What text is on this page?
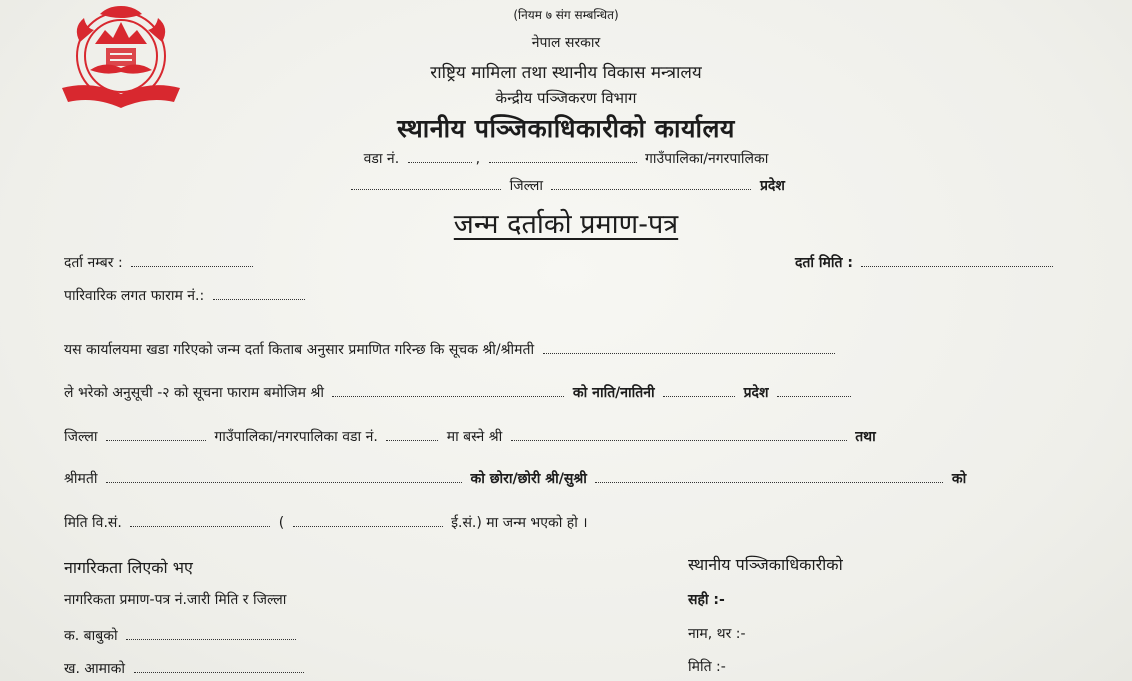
(नियम ७ संग सम्बन्धित)
नेपाल सरकार
राष्ट्रिय मामिला तथा स्थानीय विकास मन्त्रालय
केन्द्रीय पञ्जिकरण विभाग
स्थानीय पञ्जिकाधिकारीको कार्यालय
वडा नं.	,	गाउँपालिका/नगरपालिका
जिल्ला	प्रदेश
जन्म दर्ताको प्रमाण-पत्र
दर्ता नम्बर :	दर्ता मिति :
पारिवारिक लगत फाराम नं.:
यस कार्यालयमा खडा गरिएको जन्म दर्ता किताब अनुसार प्रमाणित गरिन्छ कि सूचक श्री/श्रीमती
ले भरेको अनुसूची -२ को सूचना फाराम बमोजिम श्री	को नाति/नातिनी	प्रदेश
जिल्ला	गाउँपालिका/नगरपालिका वडा नं.	मा बस्ने श्री	तथा
श्रीमती	को छोरा/छोरी श्री/सुश्री	को
मिति वि.सं.	(	ई.सं.) मा जन्म भएको हो ।
नागरिकता लिएको भए
नागरिकता प्रमाण-पत्र नं.जारी मिति र जिल्ला
क. बाबुको
ख. आमाको
स्थानीय पञ्जिकाधिकारीको
सही :-
नाम, थर :-
मिति :-
